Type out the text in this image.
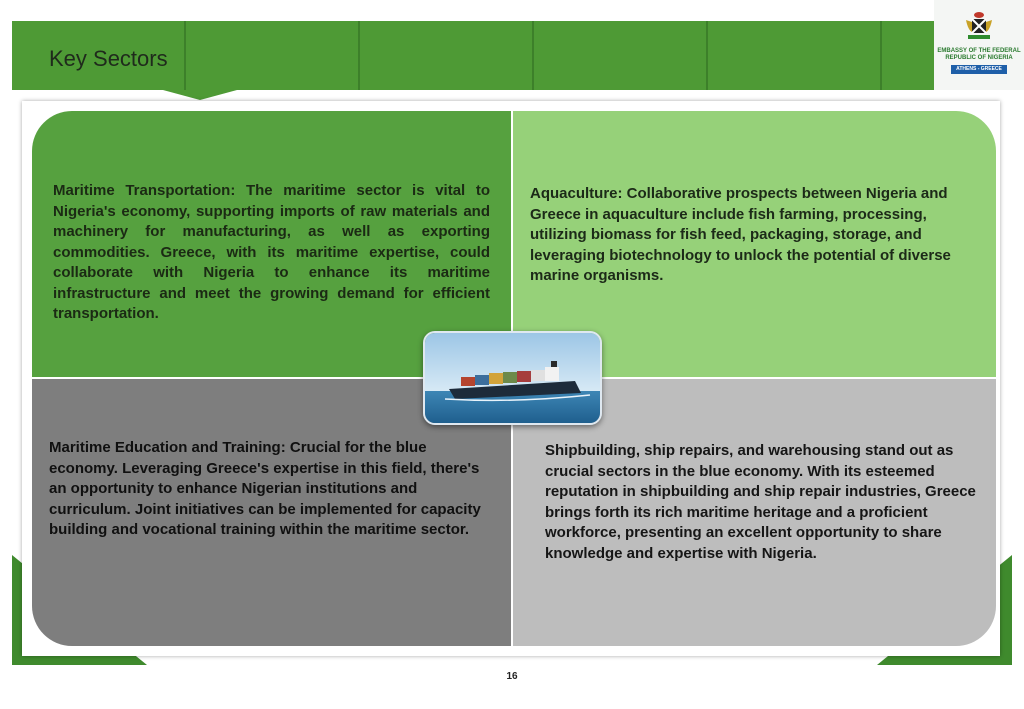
Key Sectors	EMBASSY OF THE FEDERAL
REPUBLIC OF NIGERIA
ATHENS - GREECE
Maritime Transportation: The maritime sector is vital to Nigeria's economy, supporting imports of raw materials and machinery for manufacturing, as well as exporting commodities. Greece, with its maritime expertise, could collaborate with Nigeria to enhance its maritime infrastructure and meet the growing demand for efficient transportation.
Aquaculture: Collaborative prospects between Nigeria and Greece in aquaculture include fish farming, processing, utilizing biomass for fish feed, packaging, storage, and leveraging biotechnology to unlock the potential of diverse marine organisms.
Maritime Education and Training: Crucial for the blue economy. Leveraging Greece's expertise in this field, there's an opportunity to enhance Nigerian institutions and curriculum. Joint initiatives can be implemented for capacity building and vocational training within the maritime sector.
Shipbuilding, ship repairs, and warehousing stand out as crucial sectors in the blue economy. With its esteemed reputation in shipbuilding and ship repair industries, Greece brings forth its rich maritime heritage and a proficient workforce, presenting an excellent opportunity to share knowledge and expertise with Nigeria.
16
